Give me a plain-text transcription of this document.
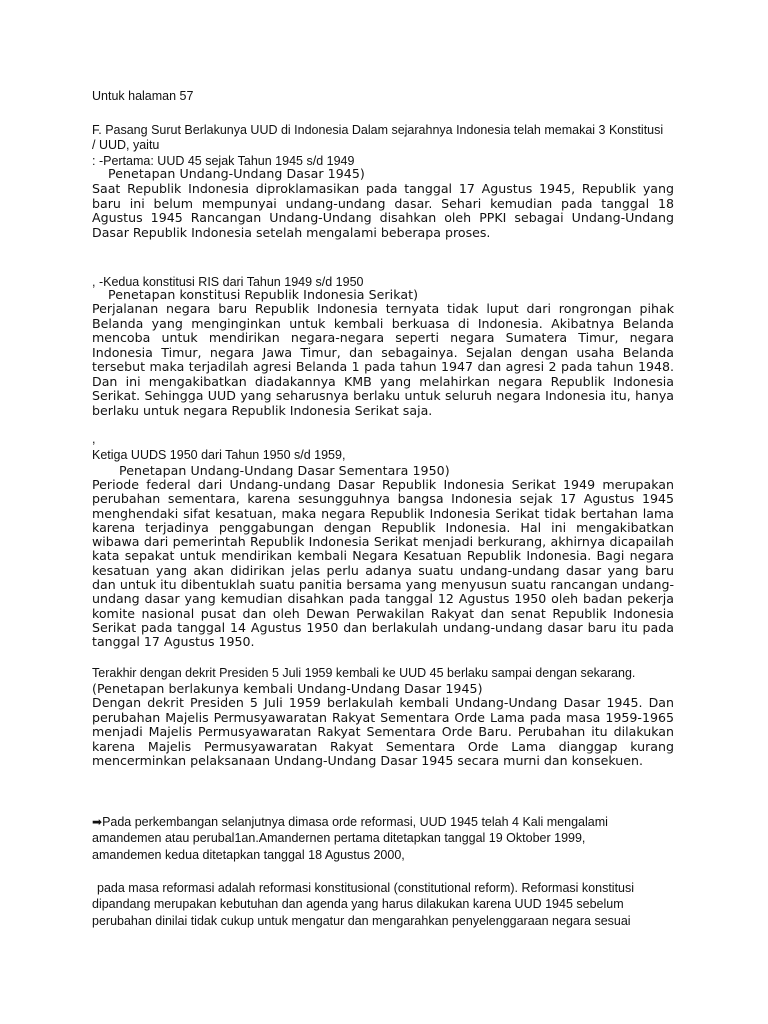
Untuk halaman 57
F. Pasang Surut Berlakunya UUD di Indonesia Dalam sejarahnya Indonesia telah memakai 3 Konstitusi
/ UUD, yaitu
: -Pertama: UUD 45 sejak Tahun 1945 s/d 1949
Penetapan Undang-Undang Dasar 1945)

Saat Republik Indonesia diproklamasikan pada tanggal 17 Agustus 1945, Republik yang baru ini belum mempunyai undang-undang dasar. Sehari kemudian pada tanggal 18 Agustus 1945 Rancangan Undang-Undang disahkan oleh PPKI sebagai Undang-Undang Dasar Republik Indonesia setelah mengalami beberapa proses.

, -Kedua konstitusi RIS dari Tahun 1949 s/d 1950
Penetapan konstitusi Republik Indonesia Serikat)

Perjalanan negara baru Republik Indonesia ternyata tidak luput dari rongrongan pihak Belanda yang menginginkan untuk kembali berkuasa di Indonesia. Akibatnya Belanda mencoba untuk mendirikan negara-negara seperti negara Sumatera Timur, negara Indonesia Timur, negara Jawa Timur, dan sebagainya. Sejalan dengan usaha Belanda tersebut maka terjadilah agresi Belanda 1 pada tahun 1947 dan agresi 2 pada tahun 1948. Dan ini mengakibatkan diadakannya KMB yang melahirkan negara Republik Indonesia Serikat. Sehingga UUD yang seharusnya berlaku untuk seluruh negara Indonesia itu, hanya berlaku untuk negara Republik Indonesia Serikat saja.

,
Ketiga UUDS 1950 dari Tahun 1950 s/d 1959,
Penetapan Undang-Undang Dasar Sementara 1950)

Periode federal dari Undang-undang Dasar Republik Indonesia Serikat 1949 merupakan perubahan sementara, karena sesungguhnya bangsa Indonesia sejak 17 Agustus 1945 menghendaki sifat kesatuan, maka negara Republik Indonesia Serikat tidak bertahan lama karena terjadinya penggabungan dengan Republik Indonesia. Hal ini mengakibatkan wibawa dari pemerintah Republik Indonesia Serikat menjadi berkurang, akhirnya dicapailah kata sepakat untuk mendirikan kembali Negara Kesatuan Republik Indonesia. Bagi negara kesatuan yang akan didirikan jelas perlu adanya suatu undang-undang dasar yang baru dan untuk itu dibentuklah suatu panitia bersama yang menyusun suatu rancangan undang-undang dasar yang kemudian disahkan pada tanggal 12 Agustus 1950 oleh badan pekerja komite nasional pusat dan oleh Dewan Perwakilan Rakyat dan senat Republik Indonesia Serikat pada tanggal 14 Agustus 1950 dan berlakulah undang-undang dasar baru itu pada tanggal 17 Agustus 1950.

Terakhir dengan dekrit Presiden 5 Juli 1959 kembali ke UUD 45 berlaku sampai dengan sekarang.
(Penetapan berlakunya kembali Undang-Undang Dasar 1945)

Dengan dekrit Presiden 5 Juli 1959 berlakulah kembali Undang-Undang Dasar 1945. Dan perubahan Majelis Permusyawaratan Rakyat Sementara Orde Lama pada masa 1959-1965 menjadi Majelis Permusyawaratan Rakyat Sementara Orde Baru. Perubahan itu dilakukan karena Majelis Permusyawaratan Rakyat Sementara Orde Lama dianggap kurang mencerminkan pelaksanaan Undang-Undang Dasar 1945 secara murni dan konsekuen.

➡Pada perkembangan selanjutnya dimasa orde reformasi, UUD 1945 telah 4 Kali mengalami
amandemen atau perubal1an.Amandernen pertama ditetapkan tanggal 19 Oktober 1999,
amandemen kedua ditetapkan tanggal 18 Agustus 2000,
pada masa reformasi adalah reformasi konstitusional (constitutional reform). Reformasi konstitusi
dipandang merupakan kebutuhan dan agenda yang harus dilakukan karena UUD 1945 sebelum
perubahan dinilai tidak cukup untuk mengatur dan mengarahkan penyelenggaraan negara sesuai
